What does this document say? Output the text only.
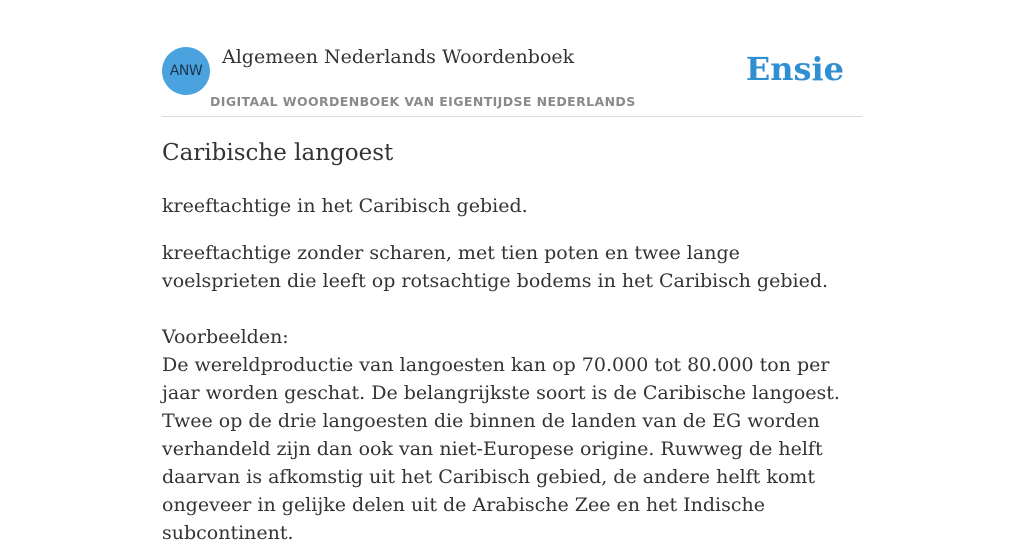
ANW
Algemeen Nederlands Woordenboek
DIGITAAL WOORDENBOEK VAN EIGENTIJDSE NEDERLANDS
Ensie
Caribische langoest

kreeftachtige in het Caribisch gebied.

kreeftachtige zonder scharen, met tien poten en twee lange voelsprieten die leeft op rotsachtige bodems in het Caribisch gebied.

Voorbeelden:

De wereldproductie van langoesten kan op 70.000 tot 80.000 ton per jaar worden geschat. De belangrijkste soort is de Caribische langoest. Twee op de drie langoesten die binnen de landen van de EG worden verhandeld zijn dan ook van niet-Europese origine. Ruwweg de helft daarvan is afkomstig uit het Caribisch gebied, de andere helft komt ongeveer in gelijke delen uit de Arabische Zee en het Indische subcontinent.
